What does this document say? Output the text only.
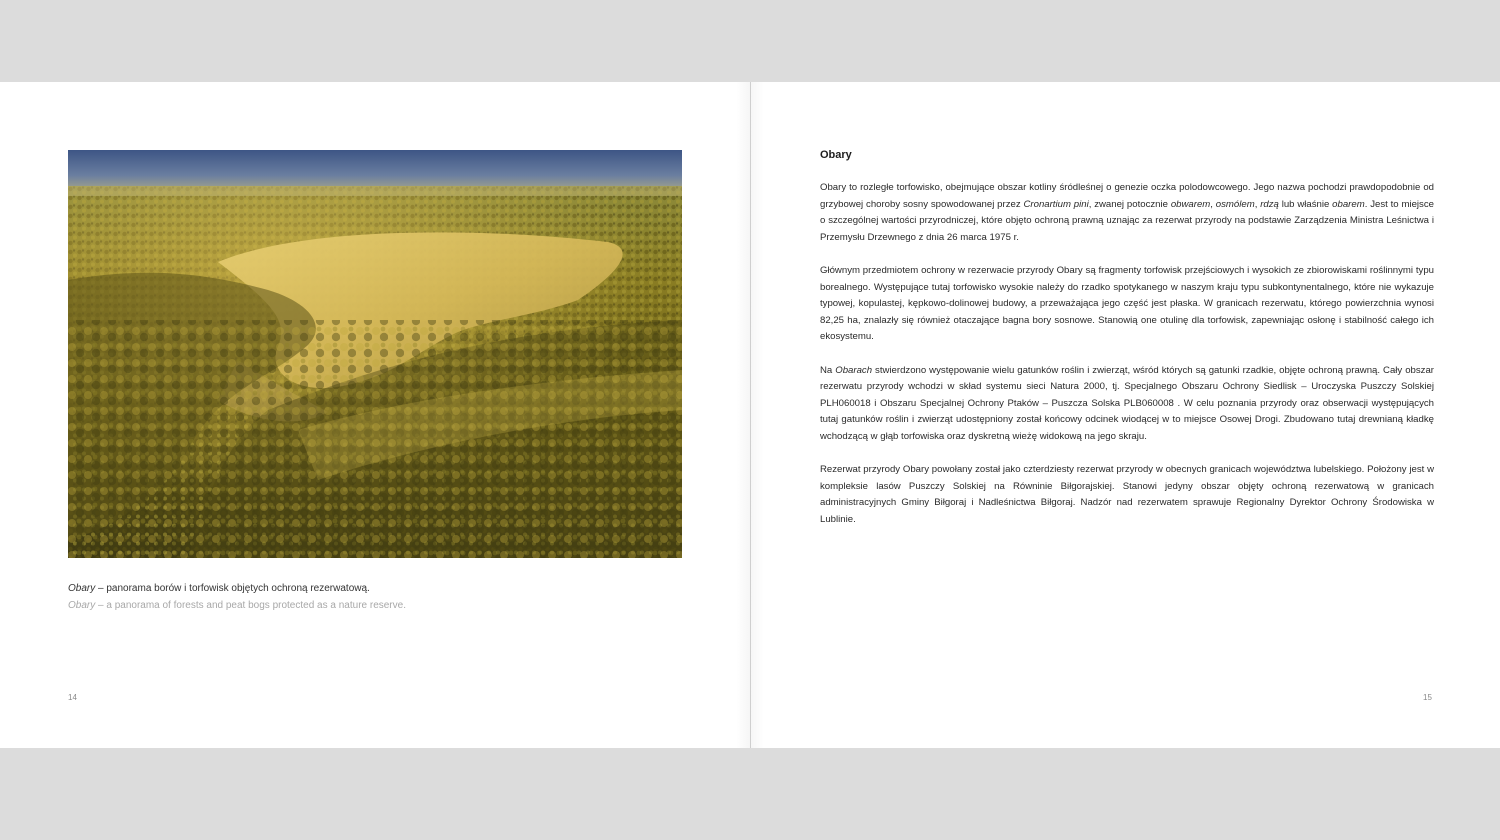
Obary – panorama borów i torfowisk objętych ochroną rezerwatową.
Obary – a panorama of forests and peat bogs protected as a nature reserve.
14
Obary

Obary to rozległe torfowisko, obejmujące obszar kotliny śródleśnej o genezie oczka polodowcowego. Jego nazwa pochodzi prawdopodobnie od grzybowej choroby sosny spowodowanej przez Cronartium pini, zwanej potocznie obwarem, osmólem, rdzą lub właśnie obarem. Jest to miejsce o szczególnej wartości przyrodniczej, które objęto ochroną prawną uznając za rezerwat przyrody na podstawie Zarządzenia Ministra Leśnictwa i Przemysłu Drzewnego z dnia 26 marca 1975 r.

Głównym przedmiotem ochrony w rezerwacie przyrody Obary są fragmenty torfowisk przejściowych i wysokich ze zbiorowiskami roślinnymi typu borealnego. Występujące tutaj torfowisko wysokie należy do rzadko spotykanego w naszym kraju typu subkontynentalnego, które nie wykazuje typowej, kopulastej, kępkowo-dolinowej budowy, a przeważająca jego część jest płaska. W granicach rezerwatu, którego powierzchnia wynosi 82,25 ha, znalazły się również otaczające bagna bory sosnowe. Stanowią one otulinę dla torfowisk, zapewniając osłonę i stabilność całego ich ekosystemu.

Na Obarach stwierdzono występowanie wielu gatunków roślin i zwierząt, wśród których są gatunki rzadkie, objęte ochroną prawną. Cały obszar rezerwatu przyrody wchodzi w skład systemu sieci Natura 2000, tj. Specjalnego Obszaru Ochrony Siedlisk – Uroczyska Puszczy Solskiej PLH060018 i Obszaru Specjalnej Ochrony Ptaków – Puszcza Solska PLB060008 . W celu poznania przyrody oraz obserwacji występujących tutaj gatunków roślin i zwierząt udostępniony został końcowy odcinek wiodącej w to miejsce Osowej Drogi. Zbudowano tutaj drewnianą kładkę wchodzącą w głąb torfowiska oraz dyskretną wieżę widokową na jego skraju.

Rezerwat przyrody Obary powołany został jako czterdziesty rezerwat przyrody w obecnych granicach województwa lubelskiego. Położony jest w kompleksie lasów Puszczy Solskiej na Równinie Biłgorajskiej. Stanowi jedyny obszar objęty ochroną rezerwatową w granicach administracyjnych Gminy Biłgoraj i Nadleśnictwa Biłgoraj. Nadzór nad rezerwatem sprawuje Regionalny Dyrektor Ochrony Środowiska w Lublinie.

15
